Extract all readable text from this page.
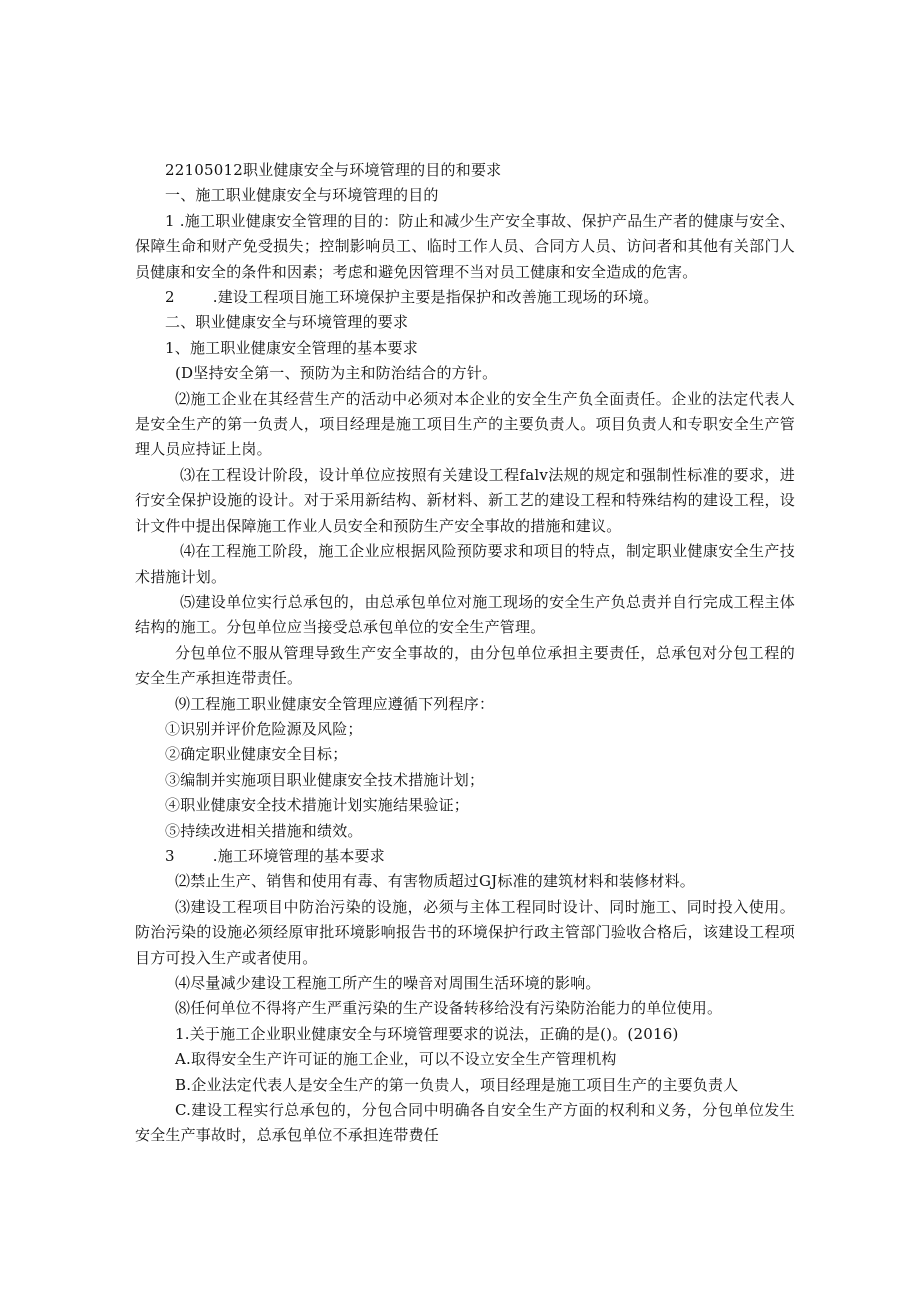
22105012职业健康安全与环境管理的目的和要求

一、施工职业健康安全与环境管理的目的

1 .施工职业健康安全管理的目的：防止和减少生产安全事故、保护产品生产者的健康与安全、保障生命和财产免受损失；控制影响员工、临时工作人员、合同方人员、访问者和其他有关部门人员健康和安全的条件和因素；考虑和避免因管理不当对员工健康和安全造成的危害。

2	.建设工程项目施工环境保护主要是指保护和改善施工现场的环境。

二、职业健康安全与环境管理的要求

1、施工职业健康安全管理的基本要求

(D坚持安全第一、预防为主和防治结合的方针。

⑵施工企业在其经营生产的活动中必须对本企业的安全生产负全面责任。企业的法定代表人是安全生产的第一负责人，项目经理是施工项目生产的主要负责人。项目负责人和专职安全生产管理人员应持证上岗。

⑶在工程设计阶段，设计单位应按照有关建设工程falv法规的规定和强制性标准的要求，进行安全保护设施的设计。对于采用新结构、新材料、新工艺的建设工程和特殊结构的建设工程，设计文件中提出保障施工作业人员安全和预防生产安全事故的措施和建议。

⑷在工程施工阶段，施工企业应根据风险预防要求和项目的特点，制定职业健康安全生产技术措施计划。

⑸建设单位实行总承包的，由总承包单位对施工现场的安全生产负总责并自行完成工程主体结构的施工。分包单位应当接受总承包单位的安全生产管理。

分包单位不服从管理导致生产安全事故的，由分包单位承担主要责任，总承包对分包工程的安全生产承担连带责任。

⑼工程施工职业健康安全管理应遵循下列程序：

①识别并评价危险源及风险；

②确定职业健康安全目标；

③编制并实施项目职业健康安全技术措施计划；

④职业健康安全技术措施计划实施结果验证；

⑤持续改进相关措施和绩效。

3	.施工环境管理的基本要求

⑵禁止生产、销售和使用有毒、有害物质超过GJ标准的建筑材料和装修材料。

⑶建设工程项目中防治污染的设施，必须与主体工程同时设计、同时施工、同时投入使用。防治污染的设施必须经原审批环境影响报告书的环境保护行政主管部门验收合格后，该建设工程项目方可投入生产或者使用。

⑷尽量减少建设工程施工所产生的噪音对周围生活环境的影响。

⑻任何单位不得将产生严重污染的生产设备转移给没有污染防治能力的单位使用。

1.关于施工企业职业健康安全与环境管理要求的说法，正确的是()。(2016)

A.取得安全生产许可证的施工企业，可以不设立安全生产管理机构

B.企业法定代表人是安全生产的第一负贵人，项目经理是施工项目生产的主要负责人

C.建设工程实行总承包的，分包合同中明确各自安全生产方面的权利和义务，分包单位发生安全生产事故时，总承包单位不承担连带费任
